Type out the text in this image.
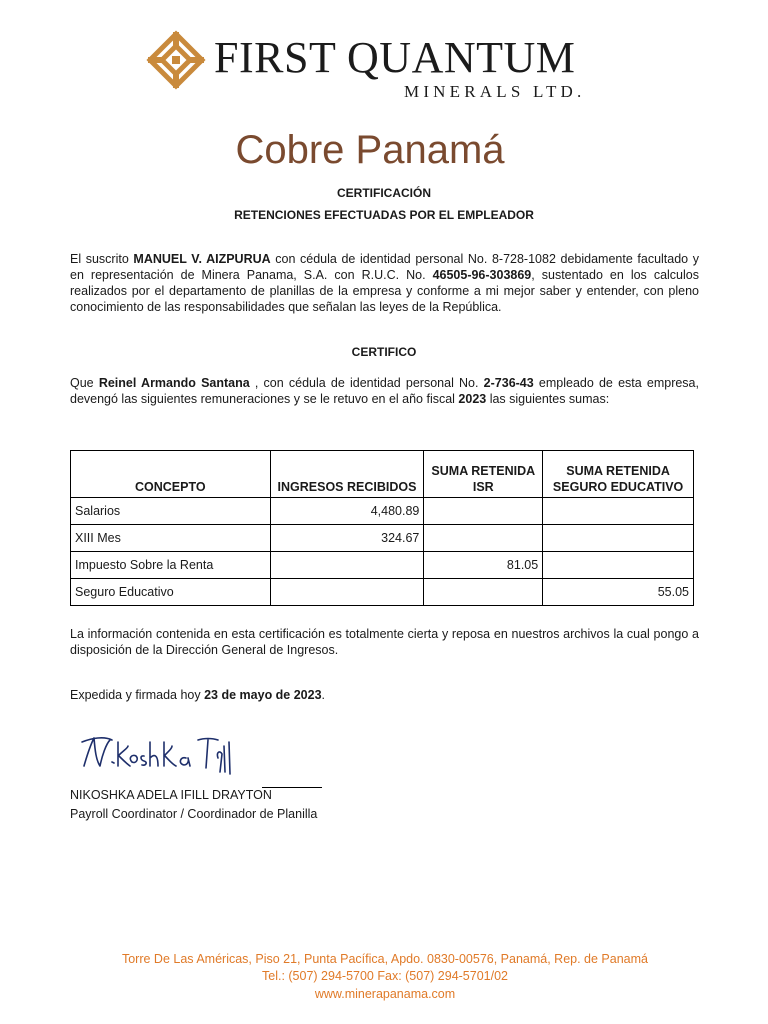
FIRST QUANTUM
MINERALS LTD.
Cobre Panamá
CERTIFICACIÓN
RETENCIONES EFECTUADAS POR EL EMPLEADOR
El suscrito MANUEL V. AIZPURUA con cédula de identidad personal No. 8-728-1082 debidamente facultado y en representación de Minera Panama, S.A. con R.U.C. No. 46505-96-303869, sustentado en los calculos realizados por el departamento de planillas de la empresa y conforme a mi mejor saber y entender, con pleno conocimiento de las responsabilidades que señalan las leyes de la República.
CERTIFICO
Que Reinel Armando Santana , con cédula de identidad personal No. 2-736-43 empleado de esta empresa, devengó las siguientes remuneraciones y se le retuvo en el año fiscal 2023 las siguientes sumas:
CONCEPTO	INGRESOS RECIBIDOS	SUMA RETENIDA ISR	SUMA RETENIDA SEGURO EDUCATIVO
Salarios	4,480.89		
XIII Mes	324.67		
Impuesto Sobre la Renta		81.05	
Seguro Educativo			55.05
La información contenida en esta certificación es totalmente cierta y reposa en nuestros archivos la cual pongo a disposición de la Dirección General de Ingresos.
Expedida y firmada hoy 23 de mayo de 2023.
NIKOSHKA ADELA IFILL DRAYTON
Payroll Coordinator / Coordinador de Planilla
Torre De Las Américas, Piso 21, Punta Pacífica, Apdo. 0830-00576, Panamá, Rep. de Panamá
Tel.: (507) 294-5700 Fax: (507) 294-5701/02
www.minerapanama.com
